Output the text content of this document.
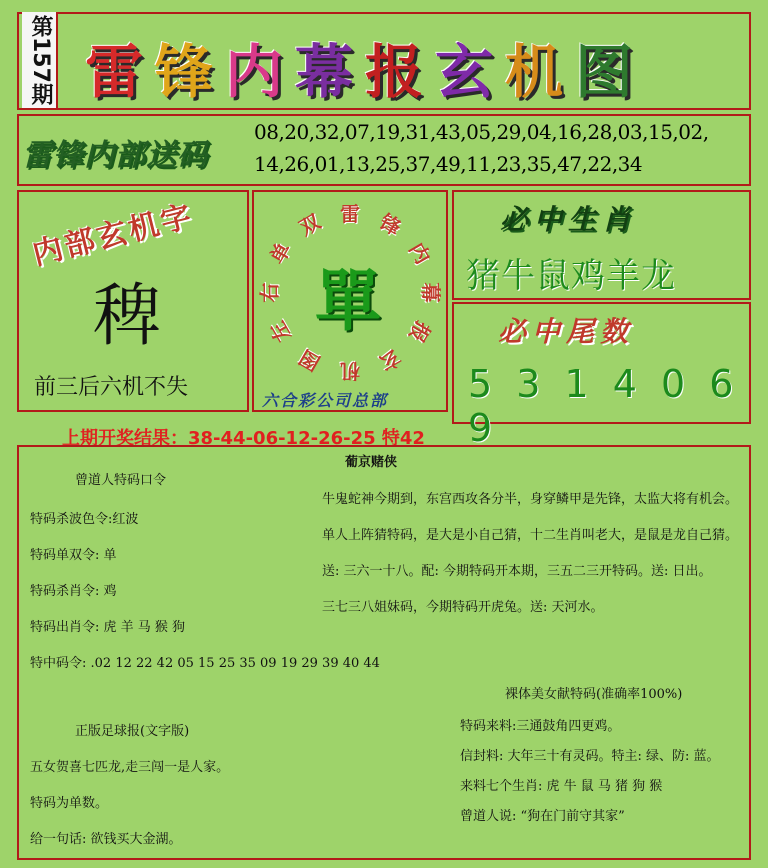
第157期 雷 锋 内 幕 报 玄 机 图
雷锋内部送码
08,20,32,07,19,31,43,05,29,04,16,28,03,15,02,
14,26,01,13,25,37,49,11,23,35,47,22,34
内部玄机字
稗
前三后六机不失
雷 锋
内
幕
报
玄
机
图
左
右
单
双
單
六合彩公司总部
必中生肖
猪牛鼠鸡羊龙
必中尾数
5 3 1 4 0 6 9
上期开奖结果：38-44-06-12-26-25 特42
曾道人特码口令
特码杀波色令:红波
特码单双令: 单
特码杀肖令: 鸡
特码出肖令: 虎 羊 马 猴 狗
特中码令: .02 12 22 42 05 15 25 35 09 19 29 39 40 44
正版足球报(文字版)
五女贺喜七匹龙,走三闯一是人家。
特码为单数。
给一句话: 欲钱买大金湖。
葡京赌侠
牛鬼蛇神今期到，东宫西攻各分半，身穿鳞甲是先锋，太监大将有机会。
单人上阵猜特码，是大是小自己猜，十二生肖叫老大，是鼠是龙自己猜。
送: 三六一十八。配: 今期特码开本期，三五二三开特码。送: 日出。
三七三八姐妹码，今期特码开虎兔。送: 天河水。
裸体美女献特码(准确率100%)
特码来料:三通鼓角四更鸡。
信封料: 大年三十有灵码。特主: 绿、防: 蓝。
来料七个生肖: 虎 牛 鼠 马 猪 狗 猴
曾道人说: “狗在门前守其家”
